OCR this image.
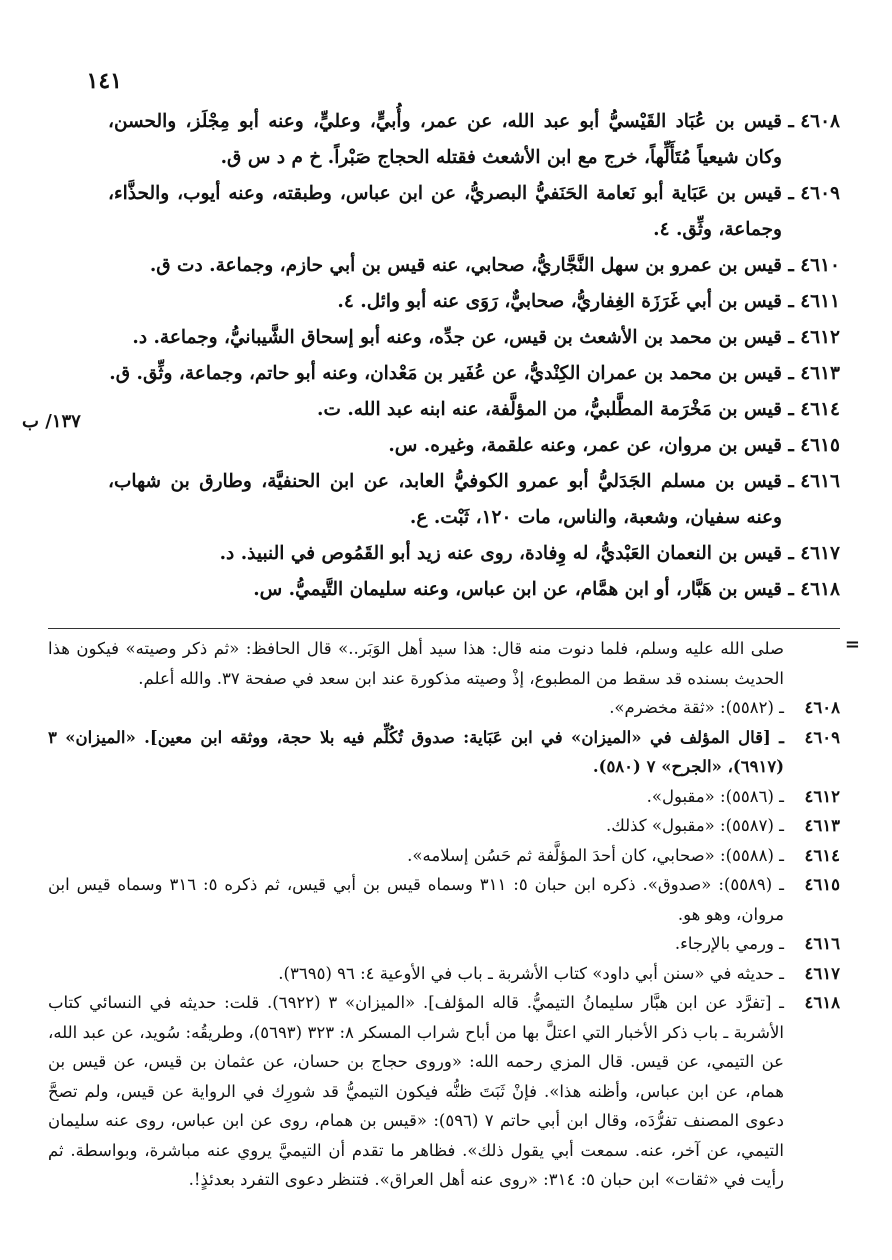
١٤١
١٣٧/ ب
٤٦٠٨ ـ
قيس بن عُبَاد القَيْسيُّ أبو عبد الله، عن عمر، وأُبيٍّ، وعليٍّ، وعنه أبو مِجْلَز، والحسن، وكان شيعياً مُتَأَلِّهاً، خرج مع ابن الأشعث فقتله الحجاج صَبْراً. خ م د س ق.
٤٦٠٩ ـ
قيس بن عَبَاية أبو نَعامة الحَنَفيُّ البصريُّ، عن ابن عباس، وطبقته، وعنه أيوب، والحذَّاء، وجماعة، وثِّق. ٤.
٤٦١٠ ـ
قيس بن عمرو بن سهل النَّجَّاريُّ، صحابي، عنه قيس بن أبي حازم، وجماعة. دت ق.
٤٦١١ ـ
قيس بن أبي غَرَزَة الغِفاريُّ، صحابيٌّ، رَوَى عنه أبو وائل. ٤.
٤٦١٢ ـ
قيس بن محمد بن الأشعث بن قيس، عن جدِّه، وعنه أبو إسحاق الشَّيبانيُّ، وجماعة. د.
٤٦١٣ ـ
قيس بن محمد بن عمران الكِنْديُّ، عن عُفَير بن مَعْدان، وعنه أبو حاتم، وجماعة، وثِّق. ق.
٤٦١٤ ـ
قيس بن مَخْرَمة المطَّلبيُّ، من المؤلَّفة، عنه ابنه عبد الله. ت.
٤٦١٥ ـ
قيس بن مروان، عن عمر، وعنه علقمة، وغيره. س.
٤٦١٦ ـ
قيس بن مسلم الجَدَليُّ أبو عمرو الكوفيُّ العابد، عن ابن الحنفيَّة، وطارق بن شهاب، وعنه سفيان، وشعبة، والناس، مات ١٢٠، ثَبْت. ع.
٤٦١٧ ـ
قيس بن النعمان العَبْديُّ، له وِفادة، روى عنه زيد أبو القَمُوص في النبيذ. د.
٤٦١٨ ـ
قيس بن هَبَّار، أو ابن همَّام، عن ابن عباس، وعنه سليمان التَّيميُّ. س.
=
صلى الله عليه وسلم، فلما دنوت منه قال: هذا سيد أهل الوَبَر..» قال الحافظ: «ثم ذكر وصيته» فيكون هذا الحديث بسنده قد سقط من المطبوع، إذْ وصيته مذكورة عند ابن سعد في صفحة ٣٧. والله أعلم.
٤٦٠٨
ـ (٥٥٨٢): «ثقة مخضرم».
٤٦٠٩
ـ [قال المؤلف في «الميزان» في ابن عَبَاية: صدوق تُكُلِّم فيه بلا حجة، ووثقه ابن معين]. «الميزان» ٣ (٦٩١٧)، «الجرح» ٧ (٥٨٠).
٤٦١٢
ـ (٥٥٨٦): «مقبول».
٤٦١٣
ـ (٥٥٨٧): «مقبول» كذلك.
٤٦١٤
ـ (٥٥٨٨): «صحابي، كان أحدَ المؤلَّفة ثم حَسُن إسلامه».
٤٦١٥
ـ (٥٥٨٩): «صدوق». ذكره ابن حبان ٥: ٣١١ وسماه قيس بن أبي قيس، ثم ذكره ٥: ٣١٦ وسماه قيس ابن مروان، وهو هو.
٤٦١٦
ـ ورمي بالإرجاء.
٤٦١٧
ـ حديثه في «سنن أبي داود» كتاب الأشربة ـ باب في الأوعية ٤: ٩٦ (٣٦٩٥).
٤٦١٨
ـ [تفرَّد عن ابن هبَّار سليمانُ التيميُّ. قاله المؤلف]. «الميزان» ٣ (٦٩٢٢). قلت: حديثه في النسائي كتاب الأشربة ـ باب ذكر الأخبار التي اعتلَّ بها من أباح شراب المسكر ٨: ٣٢٣ (٥٦٩٣)، وطريقُه: سُويد، عن عبد الله، عن التيمي، عن قيس. قال المزي رحمه الله: «وروى حجاج بن حسان، عن عثمان بن قيس، عن قيس بن همام، عن ابن عباس، وأظنه هذا». فإنْ ثَبَتَ ظنُّه فيكون التيميُّ قد شورِك في الرواية عن قيس، ولم تصحَّ دعوى المصنف تفرُّدَه، وقال ابن أبي حاتم ٧ (٥٩٦): «قيس بن همام، روى عن ابن عباس، روى عنه سليمان التيمي، عن آخر، عنه. سمعت أبي يقول ذلك». فظاهر ما تقدم أن التيميَّ يروي عنه مباشرة، وبواسطة. ثم رأيت في «ثقات» ابن حبان ٥: ٣١٤: «روى عنه أهل العراق». فتنظر دعوى التفرد بعدئذٍ!.
